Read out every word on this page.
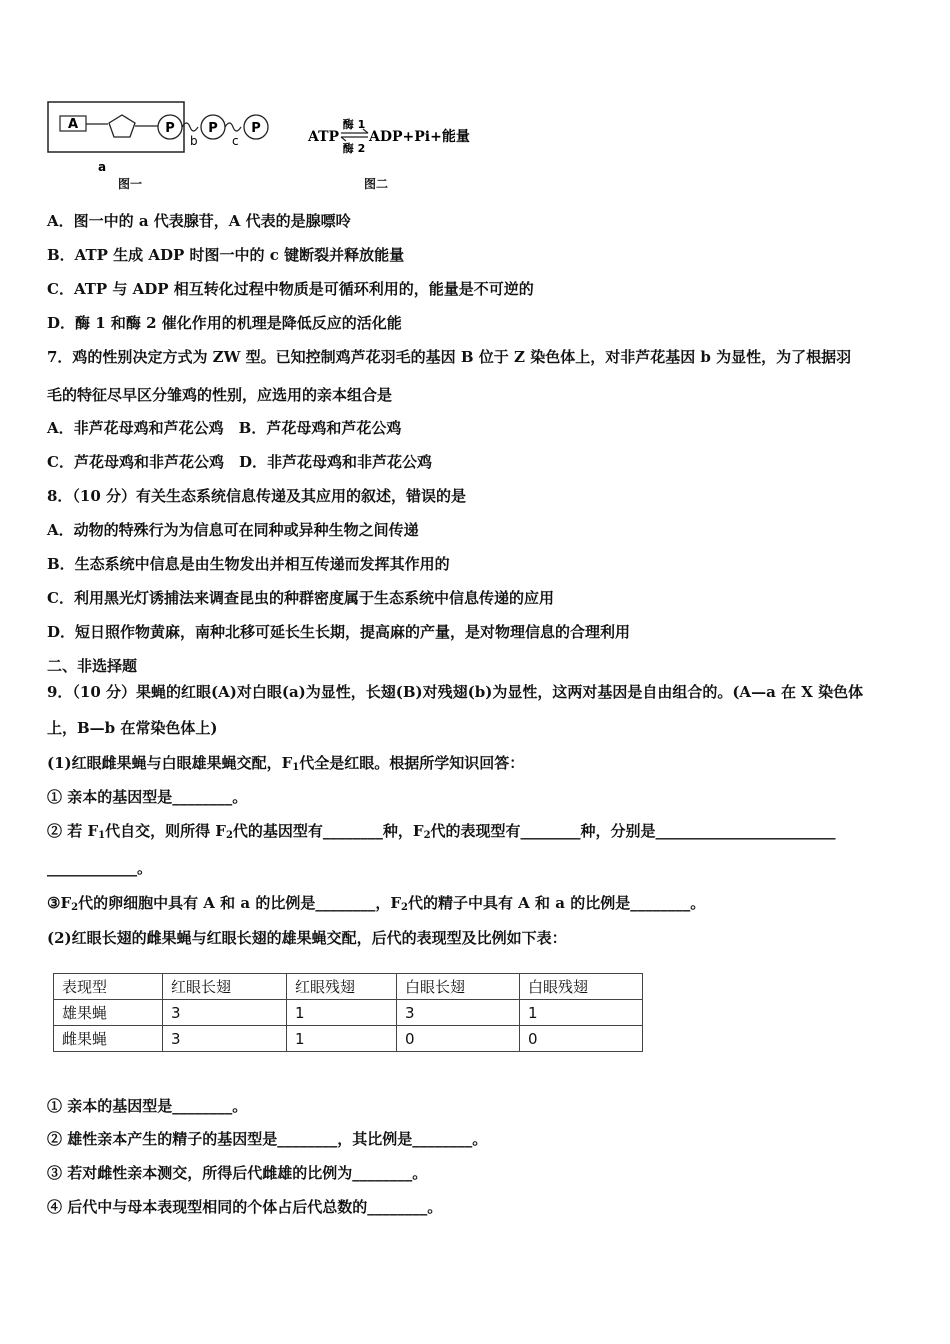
A	P	P	P
b	c
a
图一
ATP
酶 1
酶 2
ADP+Pi+能量
图二
A．图一中的 a 代表腺苷，A 代表的是腺嘌呤
B．ATP 生成 ADP 时图一中的 c 键断裂并释放能量
C．ATP 与 ADP 相互转化过程中物质是可循环利用的，能量是不可逆的
D．酶 1 和酶 2 催化作用的机理是降低反应的活化能
7．鸡的性别决定方式为 ZW 型。已知控制鸡芦花羽毛的基因 B 位于 Z 染色体上，对非芦花基因 b 为显性，为了根据羽
毛的特征尽早区分雏鸡的性别，应选用的亲本组合是
A．非芦花母鸡和芦花公鸡　B．芦花母鸡和芦花公鸡
C．芦花母鸡和非芦花公鸡　D．非芦花母鸡和非芦花公鸡
8．（10 分）有关生态系统信息传递及其应用的叙述，错误的是
A．动物的特殊行为为信息可在同种或异种生物之间传递
B．生态系统中信息是由生物发出并相互传递而发挥其作用的
C．利用黑光灯诱捕法来调查昆虫的种群密度属于生态系统中信息传递的应用
D．短日照作物黄麻，南种北移可延长生长期，提高麻的产量，是对物理信息的合理利用
二、非选择题
9．（10 分）果蝇的红眼(A)对白眼(a)为显性，长翅(B)对残翅(b)为显性，这两对基因是自由组合的。(A—a 在 X 染色体
上，B—b 在常染色体上)
(1)红眼雌果蝇与白眼雄果蝇交配，$F_1$代全是红眼。根据所学知识回答：
① 亲本的基因型是________。
② 若 $F_1$代自交，则所得 $F_2$代的基因型有________种，$F_2$代的表现型有________种，分别是________________________
____________。
$③F_2$代的卵细胞中具有 A 和 a 的比例是________，$F_2$代的精子中具有 A 和 a 的比例是________。
(2)红眼长翅的雌果蝇与红眼长翅的雄果蝇交配，后代的表现型及比例如下表：
表现型	红眼长翅	红眼残翅	白眼长翅	白眼残翅
雄果蝇	3	1	3	1
雌果蝇	3	1	0	0
① 亲本的基因型是________。
② 雄性亲本产生的精子的基因型是________，其比例是________。
③ 若对雌性亲本测交，所得后代雌雄的比例为________。
④ 后代中与母本表现型相同的个体占后代总数的________。
